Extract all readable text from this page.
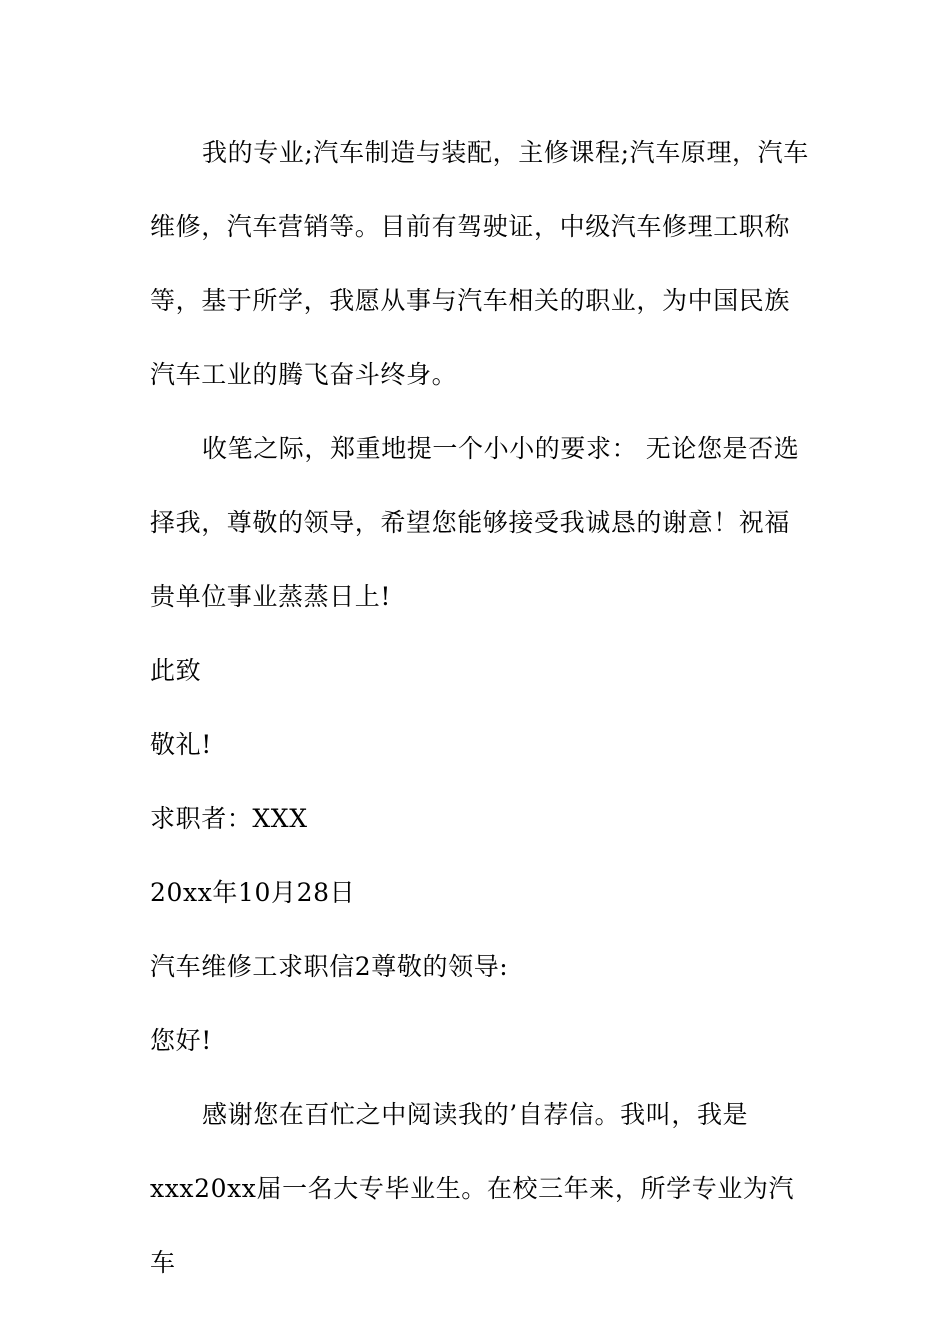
我的专业;汽车制造与装配，主修课程;汽车原理，汽车维修，汽车营销等。目前有驾驶证，中级汽车修理工职称等，基于所学，我愿从事与汽车相关的职业，为中国民族汽车工业的腾飞奋斗终身。

收笔之际，郑重地提一个小小的要求： 无论您是否选择我，尊敬的领导，希望您能够接受我诚恳的谢意！祝福贵单位事业蒸蒸日上!

此致

敬礼!

求职者：XXX

20xx年10月28日

汽车维修工求职信2尊敬的领导:

您好!

感谢您在百忙之中阅读我的’自荐信。我叫，我是xxx20xx届一名大专毕业生。在校三年来，所学专业为汽车
